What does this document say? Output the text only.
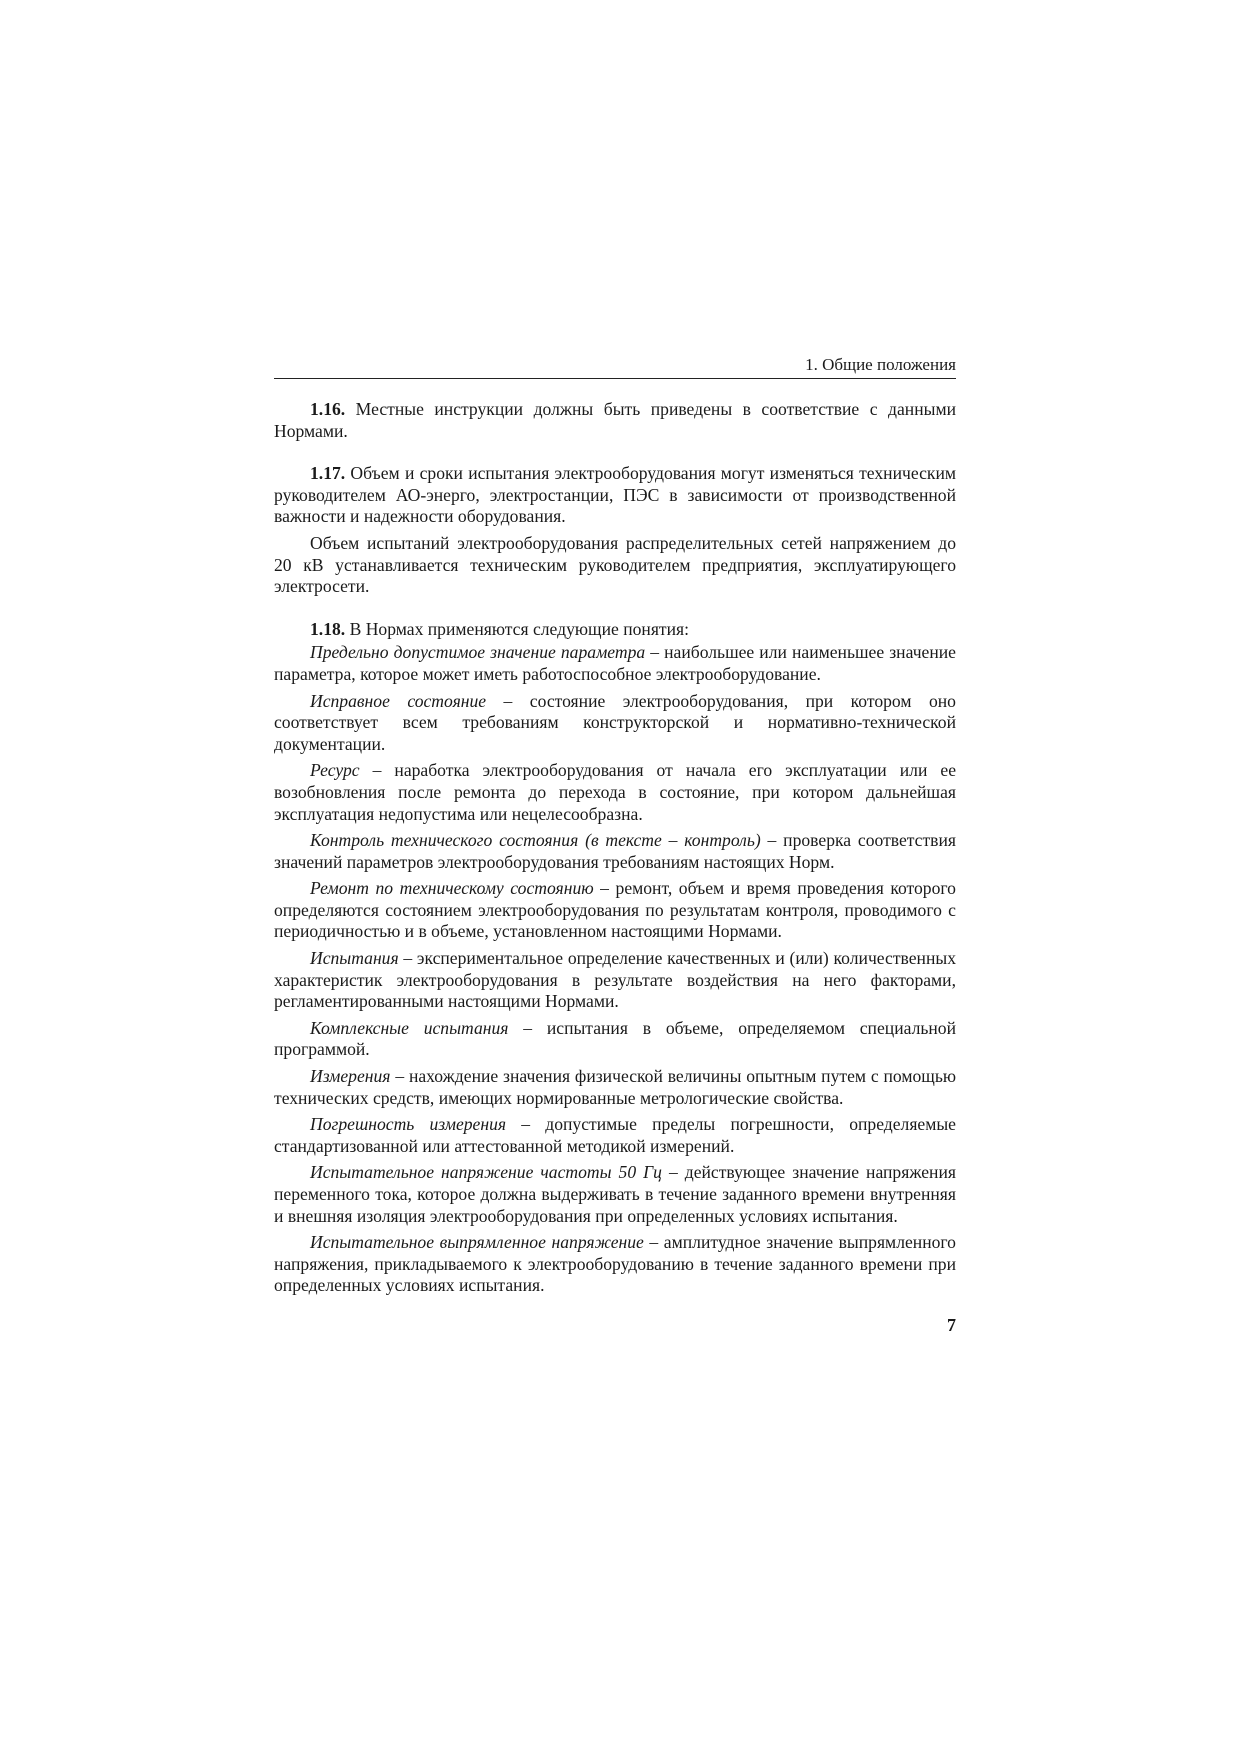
1. Общие положения

1.16. Местные инструкции должны быть приведены в соответствие с данными Нормами.

1.17. Объем и сроки испытания электрооборудования могут изменяться техническим руководителем АО-энерго, электростанции, ПЭС в зависимости от производственной важности и надежности оборудования.

Объем испытаний электрооборудования распределительных сетей напряжением до 20 кВ устанавливается техническим руководителем предприятия, эксплуатирующего электросети.

1.18. В Нормах применяются следующие понятия:

Предельно допустимое значение параметра – наибольшее или наименьшее значение параметра, которое может иметь работоспособное электрооборудование.

Исправное состояние – состояние электрооборудования, при котором оно соответствует всем требованиям конструкторской и нормативно-технической документации.

Ресурс – наработка электрооборудования от начала его эксплуатации или ее возобновления после ремонта до перехода в состояние, при котором дальнейшая эксплуатация недопустима или нецелесообразна.

Контроль технического состояния (в тексте – контроль) – проверка соответствия значений параметров электрооборудования требованиям настоящих Норм.

Ремонт по техническому состоянию – ремонт, объем и время проведения которого определяются состоянием электрооборудования по результатам контроля, проводимого с периодичностью и в объеме, установленном настоящими Нормами.

Испытания – экспериментальное определение качественных и (или) количественных характеристик электрооборудования в результате воздействия на него факторами, регламентированными настоящими Нормами.

Комплексные испытания – испытания в объеме, определяемом специальной программой.

Измерения – нахождение значения физической величины опытным путем с помощью технических средств, имеющих нормированные метрологические свойства.

Погрешность измерения – допустимые пределы погрешности, определяемые стандартизованной или аттестованной методикой измерений.

Испытательное напряжение частоты 50 Гц – действующее значение напряжения переменного тока, которое должна выдерживать в течение заданного времени внутренняя и внешняя изоляция электрооборудования при определенных условиях испытания.

Испытательное выпрямленное напряжение – амплитудное значение выпрямленного напряжения, прикладываемого к электрооборудованию в течение заданного времени при определенных условиях испытания.

7
